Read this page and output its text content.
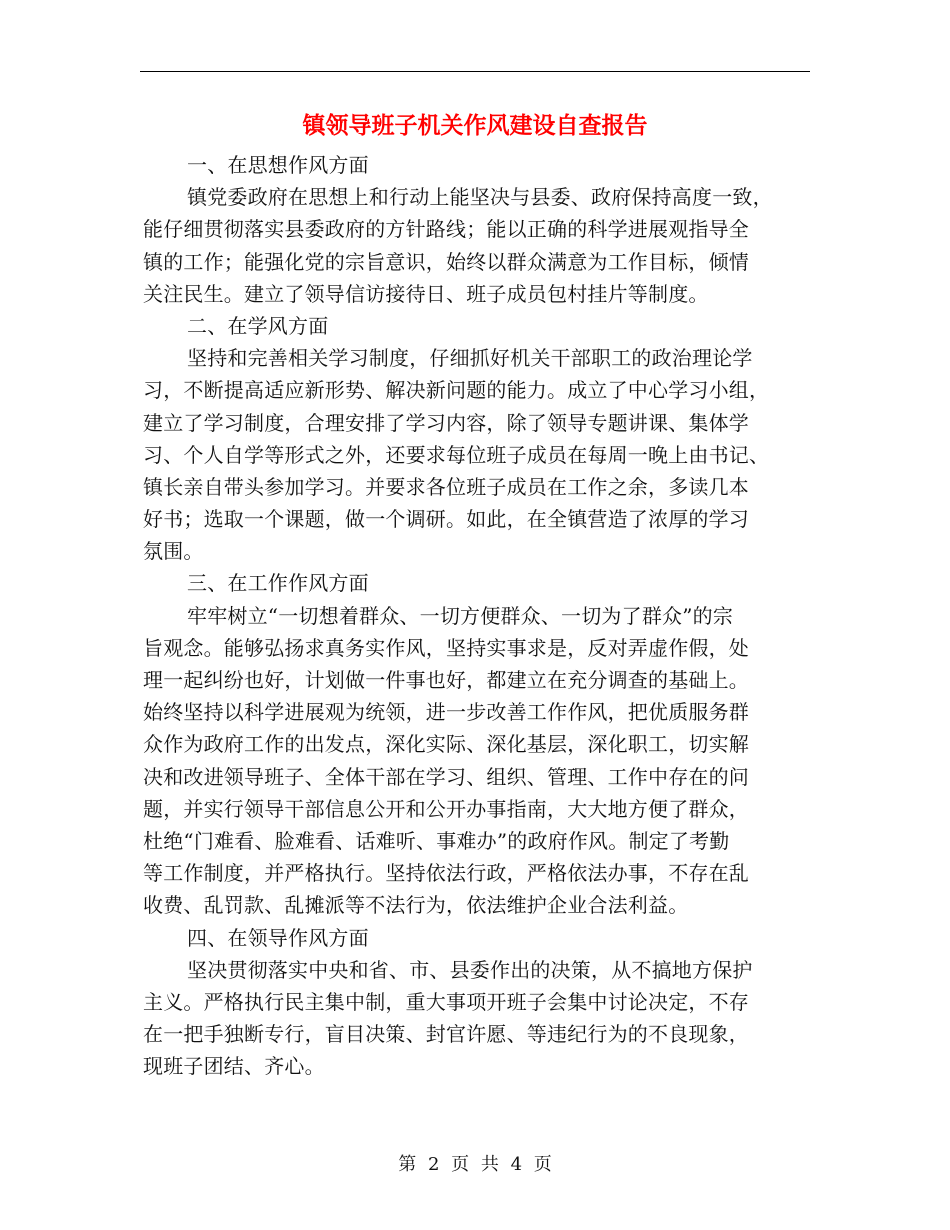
镇领导班子机关作风建设自查报告
一、在思想作风方面
镇党委政府在思想上和行动上能坚决与县委、政府保持高度一致，
能仔细贯彻落实县委政府的方针路线；能以正确的科学进展观指导全
镇的工作；能强化党的宗旨意识，始终以群众满意为工作目标，倾情
关注民生。建立了领导信访接待日、班子成员包村挂片等制度。
二、在学风方面
坚持和完善相关学习制度，仔细抓好机关干部职工的政治理论学
习，不断提高适应新形势、解决新问题的能力。成立了中心学习小组，
建立了学习制度，合理安排了学习内容，除了领导专题讲课、集体学
习、个人自学等形式之外，还要求每位班子成员在每周一晚上由书记、
镇长亲自带头参加学习。并要求各位班子成员在工作之余，多读几本
好书；选取一个课题，做一个调研。如此，在全镇营造了浓厚的学习
氛围。
三、在工作作风方面
牢牢树立“一切想着群众、一切方便群众、一切为了群众”的宗
旨观念。能够弘扬求真务实作风，坚持实事求是，反对弄虚作假，处
理一起纠纷也好，计划做一件事也好，都建立在充分调查的基础上。
始终坚持以科学进展观为统领，进一步改善工作作风，把优质服务群
众作为政府工作的出发点，深化实际、深化基层，深化职工，切实解
决和改进领导班子、全体干部在学习、组织、管理、工作中存在的问
题，并实行领导干部信息公开和公开办事指南，大大地方便了群众，
杜绝“门难看、脸难看、话难听、事难办”的政府作风。制定了考勤
等工作制度，并严格执行。坚持依法行政，严格依法办事，不存在乱
收费、乱罚款、乱摊派等不法行为，依法维护企业合法利益。
四、在领导作风方面
坚决贯彻落实中央和省、市、县委作出的决策，从不搞地方保护
主义。严格执行民主集中制，重大事项开班子会集中讨论决定，不存
在一把手独断专行，盲目决策、封官许愿、等违纪行为的不良现象，
现班子团结、齐心。
第 2 页 共 4 页
